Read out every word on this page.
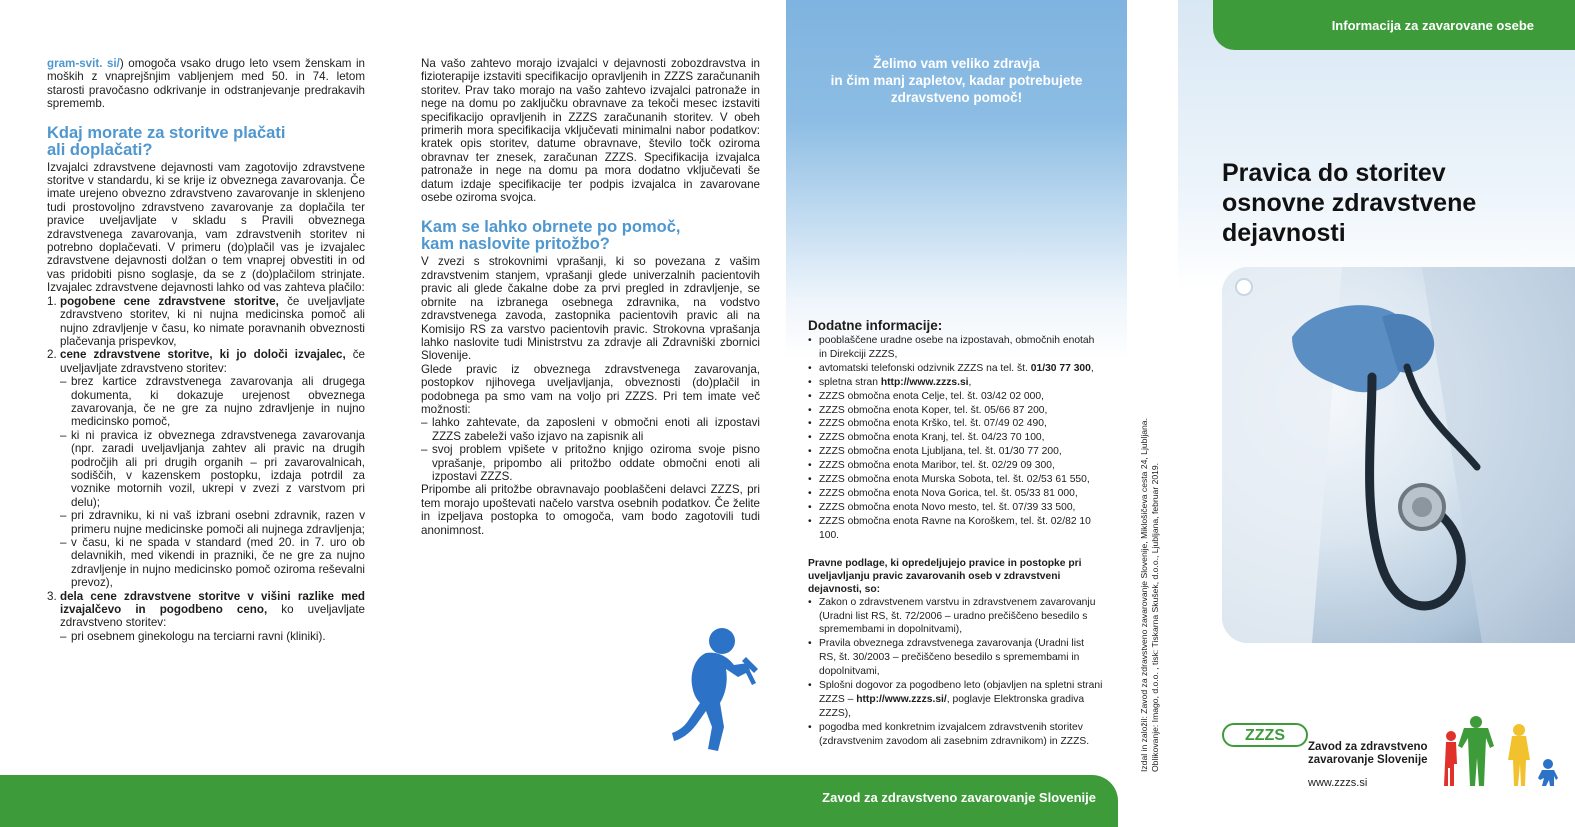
gram-svit. si/) omogoča vsako drugo leto vsem ženskam in moških z vnaprejšnjim vabljenjem med 50. in 74. letom starosti pravočasno odkrivanje in odstranjevanje predrakavih sprememb.

Kdaj morate za storitve plačati ali doplačati?

Izvajalci zdravstvene dejavnosti vam zagotovijo zdravstvene storitve v standardu, ki se krije iz obveznega zavarovanja. Če imate urejeno obvezno zdravstveno zavarovanje in sklenjeno tudi prostovoljno zdravstveno zavarovanje za doplačila ter pravice uveljavljate v skladu s Pravili obveznega zdravstvenega zavarovanja, vam zdravstvenih storitev ni potrebno doplačevati. V primeru (do)plačil vas je izvajalec zdravstvene dejavnosti dolžan o tem vnaprej obvestiti in od vas pridobiti pisno soglasje, da se z (do)plačilom strinjate. Izvajalec zdravstvene dejavnosti lahko od vas zahteva plačilo:

1. pogobene cene zdravstvene storitve, če uveljavljate zdravstveno storitev, ki ni nujna medicinska pomoč ali nujno zdravljenje v času, ko nimate poravnanih obveznosti plačevanja prispevkov,
2. cene zdravstvene storitve, ki jo določi izvajalec, če uveljavljate zdravstveno storitev:
– brez kartice zdravstvenega zavarovanja ali drugega dokumenta, ki dokazuje urejenost obveznega zavarovanja, če ne gre za nujno zdravljenje in nujno medicinsko pomoč,
– ki ni pravica iz obveznega zdravstvenega zavarovanja (npr. zaradi uveljavljanja zahtev ali pravic na drugih področjih ali pri drugih organih – pri zavarovalnicah, sodiščih, v kazenskem postopku, izdaja potrdil za voznike motornih vozil, ukrepi v zvezi z varstvom pri delu);
– pri zdravniku, ki ni vaš izbrani osebni zdravnik, razen v primeru nujne medicinske pomoči ali nujnega zdravljenja;
– v času, ki ne spada v standard (med 20. in 7. uro ob delavnikih, med vikendi in prazniki, če ne gre za nujno zdravljenje in nujno medicinsko pomoč oziroma reševalni prevoz),
3. dela cene zdravstvene storitve v višini razlike med izvajalčevo in pogodbeno ceno, ko uveljavljate zdravstveno storitev:
– pri osebnem ginekologu na terciarni ravni (kliniki).

Na vašo zahtevo morajo izvajalci v dejavnosti zobozdravstva in fizioterapije izstaviti specifikacijo opravljenih in ZZZS zaračunanih storitev. Prav tako morajo na vašo zahtevo izvajalci patronaže in nege na domu po zaključku obravnave za tekoči mesec izstaviti specifikacijo opravljenih in ZZZS zaračunanih storitev. V obeh primerih mora specifikacija vključevati minimalni nabor podatkov: kratek opis storitev, datume obravnave, število točk oziroma obravnav ter znesek, zaračunan ZZZS. Specifikacija izvajalca patronaže in nege na domu pa mora dodatno vključevati še datum izdaje specifikacije ter podpis izvajalca in zavarovane osebe oziroma svojca.

Kam se lahko obrnete po pomoč, kam naslovite pritožbo?

V zvezi s strokovnimi vprašanji, ki so povezana z vašim zdravstvenim stanjem, vprašanji glede univerzalnih pacientovih pravic ali glede čakalne dobe za prvi pregled in zdravljenje, se obrnite na izbranega osebnega zdravnika, na vodstvo zdravstvenega zavoda, zastopnika pacientovih pravic ali na Komisijo RS za varstvo pacientovih pravic. Strokovna vprašanja lahko naslovite tudi Ministrstvu za zdravje ali Zdravniški zbornici Slovenije.

Glede pravic iz obveznega zdravstvenega zavarovanja, postopkov njihovega uveljavljanja, obveznosti (do)plačil in podobnega pa smo vam na voljo pri ZZZS. Pri tem imate več možnosti:

– lahko zahtevate, da zaposleni v območni enoti ali izpostavi ZZZS zabeleži vašo izjavo na zapisnik ali
– svoj problem vpišete v pritožno knjigo oziroma svoje pisno vprašanje, pripombo ali pritožbo oddate območni enoti ali izpostavi ZZZS.

Pripombe ali pritožbe obravnavajo pooblaščeni delavci ZZZS, pri tem morajo upoštevati načelo varstva osebnih podatkov. Če želite in izpeljava postopka to omogoča, vam bodo zagotovili tudi anonimnost.

Želimo vam veliko zdravja
in čim manj zapletov, kadar potrebujete
zdravstveno pomoč!
Dodatne informacije:
• pooblaščene uradne osebe na izpostavah, območnih enotah in Direkciji ZZZS,
• avtomatski telefonski odzivnik ZZZS na tel. št. 01/30 77 300,
• spletna stran http://www.zzzs.si,
• ZZZS območna enota Celje, tel. št. 03/42 02 000,
• ZZZS območna enota Koper, tel. št. 05/66 87 200,
• ZZZS območna enota Krško, tel. št. 07/49 02 490,
• ZZZS območna enota Kranj, tel. št. 04/23 70 100,
• ZZZS območna enota Ljubljana, tel. št. 01/30 77 200,
• ZZZS območna enota Maribor, tel. št. 02/29 09 300,
• ZZZS območna enota Murska Sobota, tel. št. 02/53 61 550,
• ZZZS območna enota Nova Gorica, tel. št. 05/33 81 000,
• ZZZS območna enota Novo mesto, tel. št. 07/39 33 500,
• ZZZS območna enota Ravne na Koroškem, tel. št. 02/82 10 100.

Pravne podlage, ki opredeljujejo pravice in postopke pri uveljavljanju pravic zavarovanih oseb v zdravstveni dejavnosti, so:

• Zakon o zdravstvenem varstvu in zdravstvenem zavarovanju (Uradni list RS, št. 72/2006 – uradno prečiščeno besedilo s spremembami in dopolnitvami),
• Pravila obveznega zdravstvenega zavarovanja (Uradni list RS, št. 30/2003 – prečiščeno besedilo s spremembami in dopolnitvami,
• Splošni dogovor za pogodbeno leto (objavljen na spletni strani ZZZS – http://www.zzzs.si/, poglavje Elektronska gradiva ZZZS),
• pogodba med konkretnim izvajalcem zdravstvenih storitev (zdravstvenim zavodom ali zasebnim zdravnikom) in ZZZS.	Izdal in založil: Zavod za zdravstveno zavarovanje Slovenije, Miklošičeva cesta 24, Ljubljana. Oblikovanje: Imago, d.o.o. , tisk: Tiskarna Skušek, d.o.o., Ljubljana, februar 2019.
Zavod za zdravstveno zavarovanje Slovenije
Informacija za zavarovane osebe
Pravica do storitev
osnovne zdravstvene
dejavnosti
ZZZS
Zavod za zdravstveno
zavarovanje Slovenije
www.zzzs.si
